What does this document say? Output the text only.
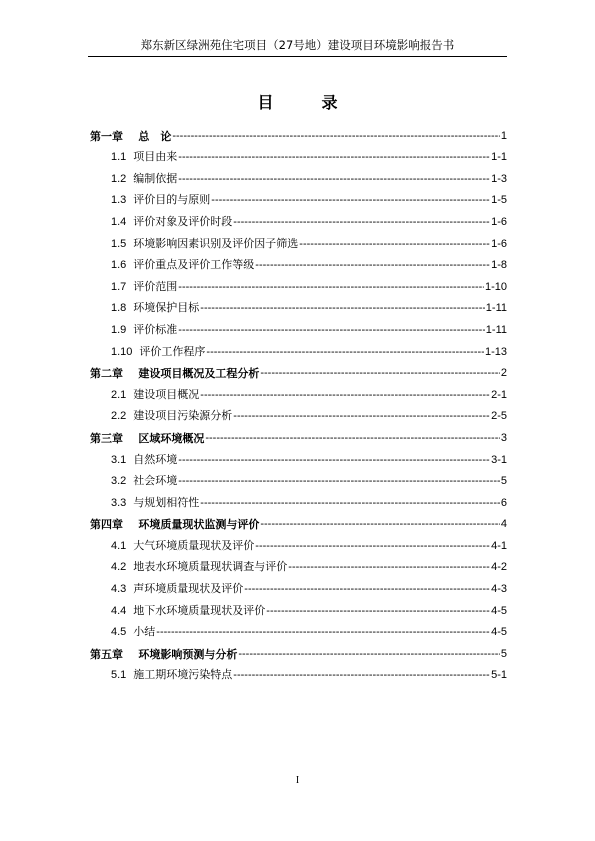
郑东新区绿洲苑住宅项目（27号地）建设项目环境影响报告书
目	录
第一章 总　论 -----	1
1.1 项目由来 -----	1-1
1.2 编制依据 -----	1-3
1.3 评价目的与原则 -----	1-5
1.4 评价对象及评价时段 -----	1-6
1.5 环境影响因素识别及评价因子筛选 -----	1-6
1.6 评价重点及评价工作等级 -----	1-8
1.7 评价范围 -----	1-10
1.8 环境保护目标 -----	1-11
1.9 评价标准 -----	1-11
1.10 评价工作程序 -----	1-13
第二章 建设项目概况及工程分析 -----	2
2.1 建设项目概况 -----	2-1
2.2 建设项目污染源分析 -----	2-5
第三章 区域环境概况 -----	3
3.1 自然环境 -----	3-1
3.2 社会环境 -----	5
3.3 与规划相符性 -----	6
第四章 环境质量现状监测与评价 -----	4
4.1 大气环境质量现状及评价 -----	4-1
4.2 地表水环境质量现状调查与评价 -----	4-2
4.3 声环境质量现状及评价 -----	4-3
4.4 地下水环境质量现状及评价 -----	4-5
4.5 小结 -----	4-5
第五章 环境影响预测与分析 -----	5
5.1 施工期环境污染特点 -----	5-1
I
